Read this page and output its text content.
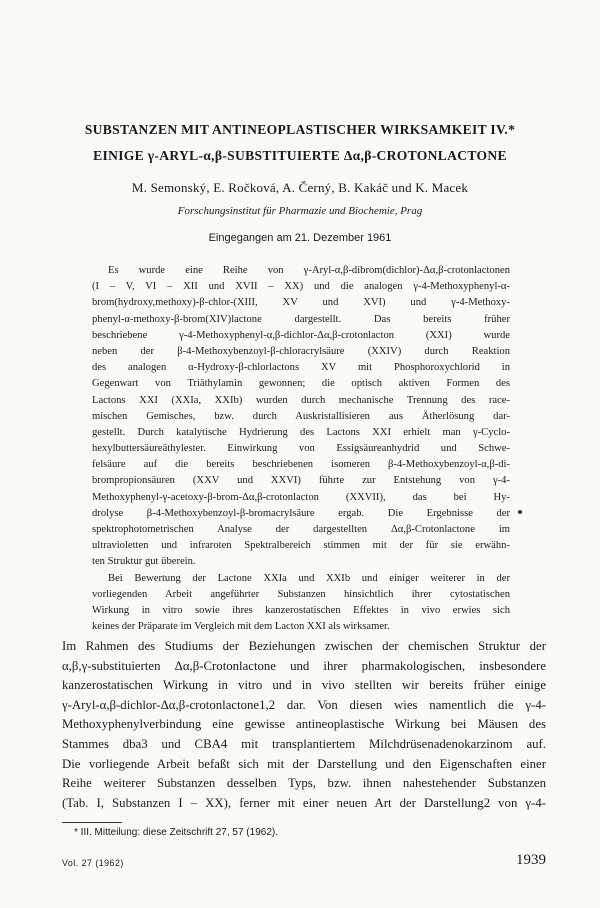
SUBSTANZEN MIT ANTINEOPLASTISCHER WIRKSAMKEIT IV.*
EINIGE γ-ARYL-α,β-SUBSTITUIERTE Δα,β-CROTONLACTONE
M. Semonský, E. Ročková, A. Černý, B. Kakáč und K. Macek
Forschungsinstitut für Pharmazie und Biochemie, Prag
Eingegangen am 21. Dezember 1961
Es wurde eine Reihe von γ-Aryl-α,β-dibrom(dichlor)-Δα,β-crotonlactonen
(I – V, VI – XII und XVII – XX) und die analogen γ-4-Methoxyphenyl-α-
brom(hydroxy,methoxy)-β-chlor-(XIII, XV und XVI) und γ-4-Methoxy-
phenyl-α-methoxy-β-brom(XIV)lactone dargestellt. Das bereits früher
beschriebene γ-4-Methoxyphenyl-α,β-dichlor-Δα,β-crotonlacton (XXI) wurde
neben der β-4-Methoxybenzoyl-β-chloracrylsäure (XXIV) durch Reaktion
des analogen α-Hydroxy-β-chlorlactons XV mit Phosphoroxychlorid in
Gegenwart von Triäthylamin gewonnen; die optisch aktiven Formen des
Lactons XXI (XXIa, XXIb) wurden durch mechanische Trennung des race-
mischen Gemisches, bzw. durch Auskristallisieren aus Ätherlösung dar-
gestellt. Durch katalytische Hydrierung des Lactons XXI erhielt man γ-Cyclo-
hexylbuttersäureäthylester. Einwirkung von Essigsäureanhydrid und Schwe-
felsäure auf die bereits beschriebenen isomeren β-4-Methoxybenzoyl-α,β-di-
brompropionsäuren (XXV und XXVI) führte zur Entstehung von γ-4-
Methoxyphenyl-γ-acetoxy-β-brom-Δα,β-crotonlacton (XXVII), das bei Hy-
drolyse β-4-Methoxybenzoyl-β-bromacrylsäure ergab. Die Ergebnisse der
spektrophotometrischen Analyse der dargestellten Δα,β-Crotonlactone im
ultravioletten und infraroten Spektralbereich stimmen mit der für sie erwähn-
ten Struktur gut überein.
Bei Bewertung der Lactone XXIa und XXIb und einiger weiterer in der
vorliegenden Arbeit angeführter Substanzen hinsichtlich ihrer cytostatischen
Wirkung in vitro sowie ihres kanzerostatischen Effektes in vivo erwies sich
keines der Präparate im Vergleich mit dem Lacton XXI als wirksamer.
Im Rahmen des Studiums der Beziehungen zwischen der chemischen Struktur der
α,β,γ-substituierten Δα,β-Crotonlactone und ihrer pharmakologischen, insbesondere
kanzerostatischen Wirkung in vitro und in vivo stellten wir bereits früher einige
γ-Aryl-α,β-dichlor-Δα,β-crotonlactone1,2 dar. Von diesen wies namentlich die γ-4-
Methoxyphenylverbindung eine gewisse antineoplastische Wirkung bei Mäusen des
Stammes dba3 und CBA4 mit transplantiertem Milchdrüsenadenokarzinom auf.
Die vorliegende Arbeit befaßt sich mit der Darstellung und den Eigenschaften einer
Reihe weiterer Substanzen desselben Typs, bzw. ihnen nahestehender Substanzen
(Tab. I, Substanzen I – XX), ferner mit einer neuen Art der Darstellung2 von γ-4-
* III. Mitteilung: diese Zeitschrift 27, 57 (1962).
Vol. 27 (1962)	1939
